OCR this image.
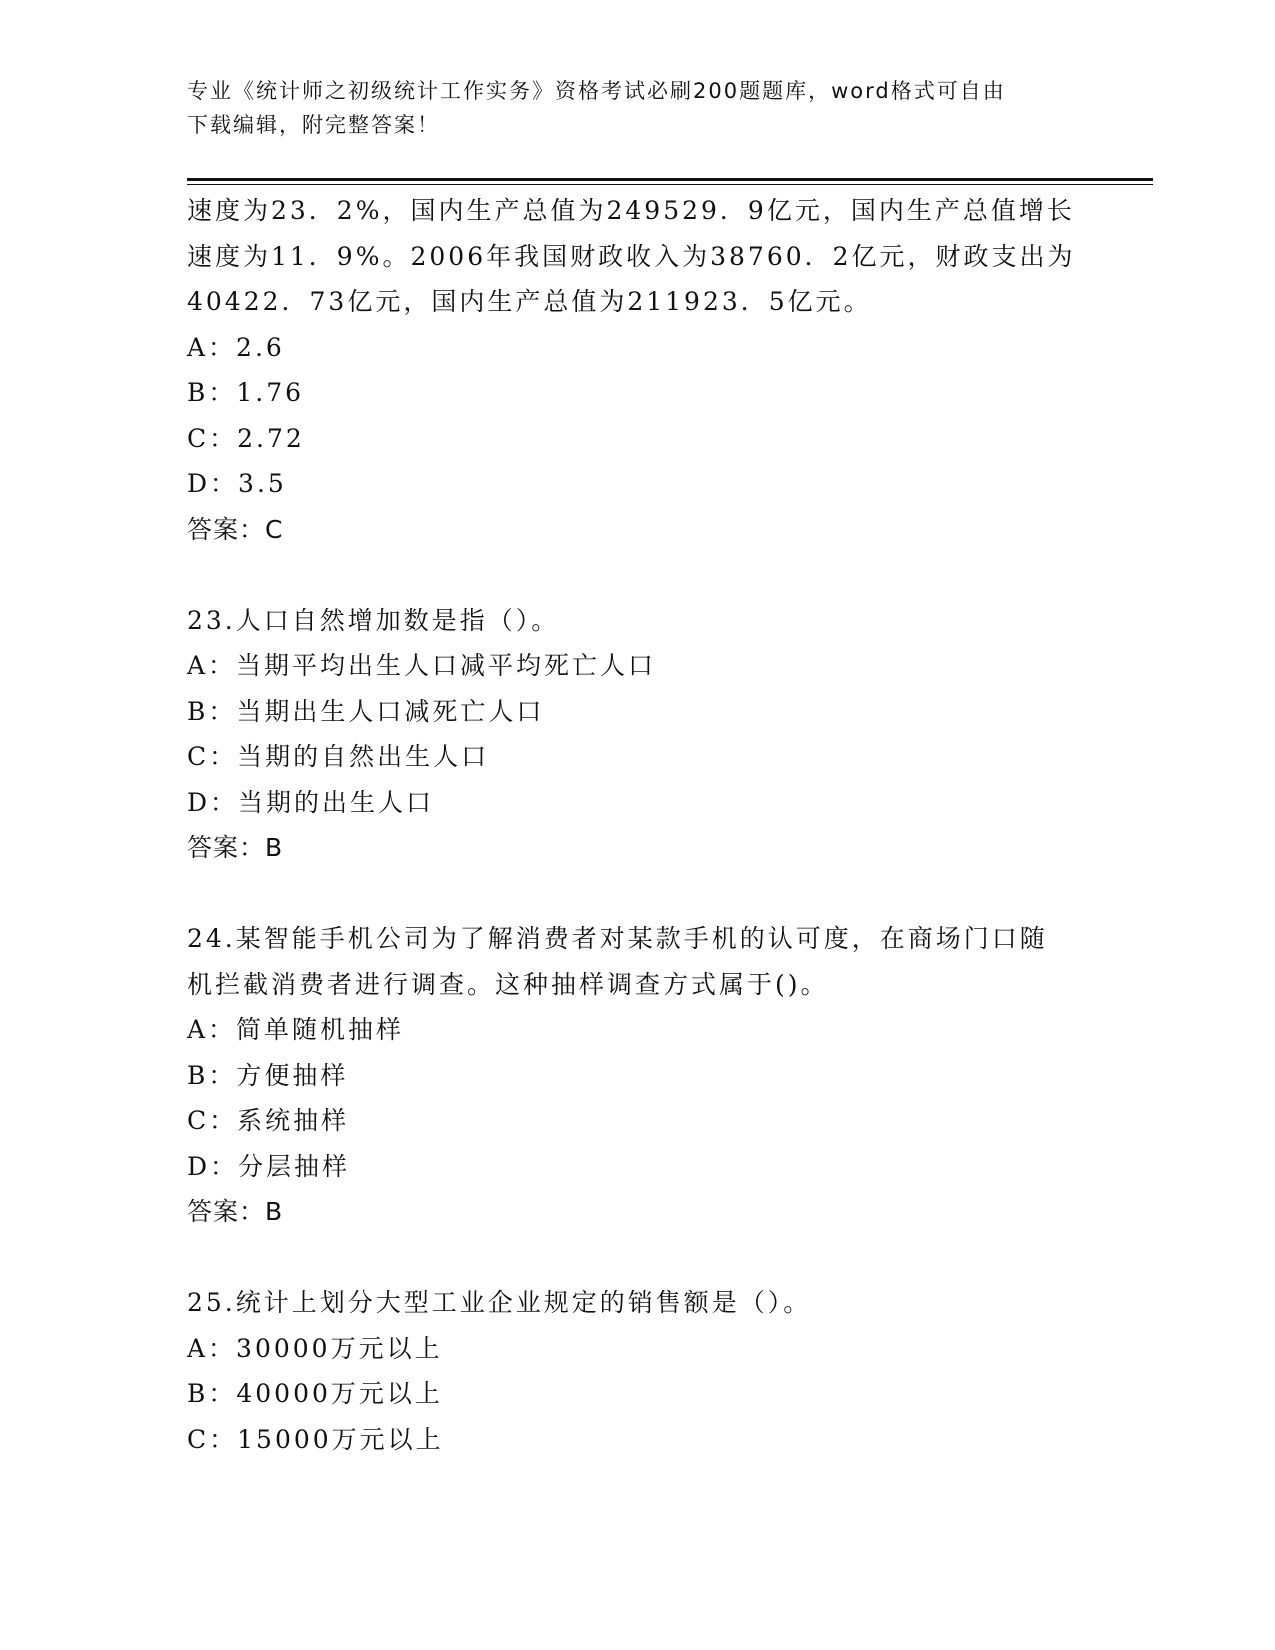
专业《统计师之初级统计工作实务》资格考试必刷200题题库，word格式可自由
下载编辑，附完整答案！
速度为23．2%，国内生产总值为249529．9亿元，国内生产总值增长
速度为11．9%。2006年我国财政收入为38760．2亿元，财政支出为
40422．73亿元，国内生产总值为211923．5亿元。
A：2.6
B：1.76
C：2.72
D：3.5
答案：C
23.人口自然增加数是指（）。
A：当期平均出生人口减平均死亡人口
B：当期出生人口减死亡人口
C：当期的自然出生人口
D：当期的出生人口
答案：B
24.某智能手机公司为了解消费者对某款手机的认可度，在商场门口随
机拦截消费者进行调查。这种抽样调查方式属于()。
A：简单随机抽样
B：方便抽样
C：系统抽样
D：分层抽样
答案：B
25.统计上划分大型工业企业规定的销售额是（）。
A：30000万元以上
B：40000万元以上
C：15000万元以上
